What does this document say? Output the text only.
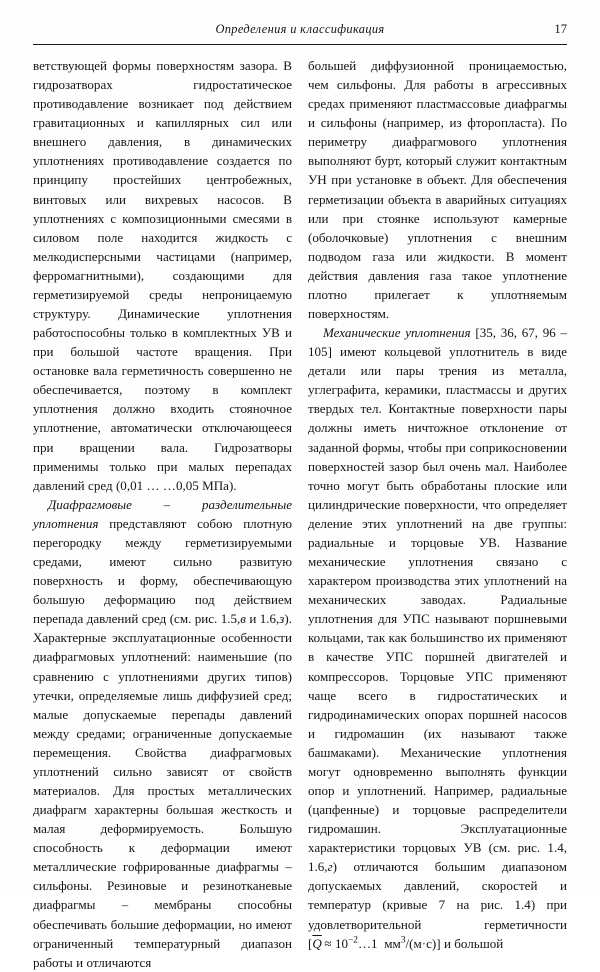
Определения и классификация	17

ветствующей формы поверхностям зазора. В гидрозатворах гидростатическое противодавление возникает под действием гравитационных и капиллярных сил или внешнего давления, в динамических уплотнениях противодавление создается по принципу простейших центробежных, винтовых или вихревых насосов. В уплотнениях с композиционными смесями в силовом поле находится жидкость с мелкодисперсными частицами (например, ферромагнитными), создающими для герметизируемой среды непроницаемую структуру. Динамические уплотнения работоспособны только в комплектных УВ и при большой частоте вращения. При остановке вала герметичность совершенно не обеспечивается, поэтому в комплект уплотнения должно входить стояночное уплотнение, автоматически отключающееся при вращении вала. Гидрозатворы применимы только при малых перепадах давлений сред (0,01 … …0,05 МПа).

Диафрагмовые – разделительные уплотнения представляют собою плотную перегородку между герметизируемыми средами, имеют сильно развитую поверхность и форму, обеспечивающую большую деформацию под действием перепада давлений сред (см. рис. 1.5,в и 1.6,з). Характерные эксплуатационные особенности диафрагмовых уплотнений: наименьшие (по сравнению с уплотнениями других типов) утечки, определяемые лишь диффузией сред; малые допускаемые перепады давлений между средами; ограниченные допускаемые перемещения. Свойства диафрагмовых уплотнений сильно зависят от свойств материалов. Для простых металлических диафрагм характерны большая жесткость и малая деформируемость. Большую способность к деформации имеют металлические гофрированные диафрагмы – сильфоны. Резиновые и резинотканевые диафрагмы – мембраны способны обеспечивать большие деформации, но имеют ограниченный температурный диапазон работы и отличаются

большей диффузионной проницаемостью, чем сильфоны. Для работы в агрессивных средах применяют пластмассовые диафрагмы и сильфоны (например, из фторопласта). По периметру диафрагмового уплотнения выполняют бурт, который служит контактным УН при установке в объект. Для обеспечения герметизации объекта в аварийных ситуациях или при стоянке используют камерные (оболочковые) уплотнения с внешним подводом газа или жидкости. В момент действия давления газа такое уплотнение плотно прилегает к уплотняемым поверхностям.

Механические уплотнения [35, 36, 67, 96 – 105] имеют кольцевой уплотнитель в виде детали или пары трения из металла, углеграфита, керамики, пластмассы и других твердых тел. Контактные поверхности пары должны иметь ничтожное отклонение от заданной формы, чтобы при соприкосновении поверхностей зазор был очень мал. Наиболее точно могут быть обработаны плоские или цилиндрические поверхности, что определяет деление этих уплотнений на две группы: радиальные и торцовые УВ. Название механические уплотнения связано с характером производства этих уплотнений на механических заводах. Радиальные уплотнения для УПС называют поршневыми кольцами, так как большинство их применяют в качестве УПС поршней двигателей и компрессоров. Торцовые УПС применяют чаще всего в гидростатических и гидродинамических опорах поршней насосов и гидромашин (их называют также башмаками). Механические уплотнения могут одновременно выполнять функции опор и уплотнений. Например, радиальные (цапфенные) и торцовые распределители гидромашин. Эксплуатационные характеристики торцовых УВ (см. рис. 1.4, 1.6,г) отличаются большим диапазоном допускаемых давлений, скоростей и температур (кривые 7 на рис. 1.4) при удовлетворительной герметичности [$\overline{Q}$  ≈ $10^{-2}\dots 1$ $мм^3/(м\cdot с)$] и большой
